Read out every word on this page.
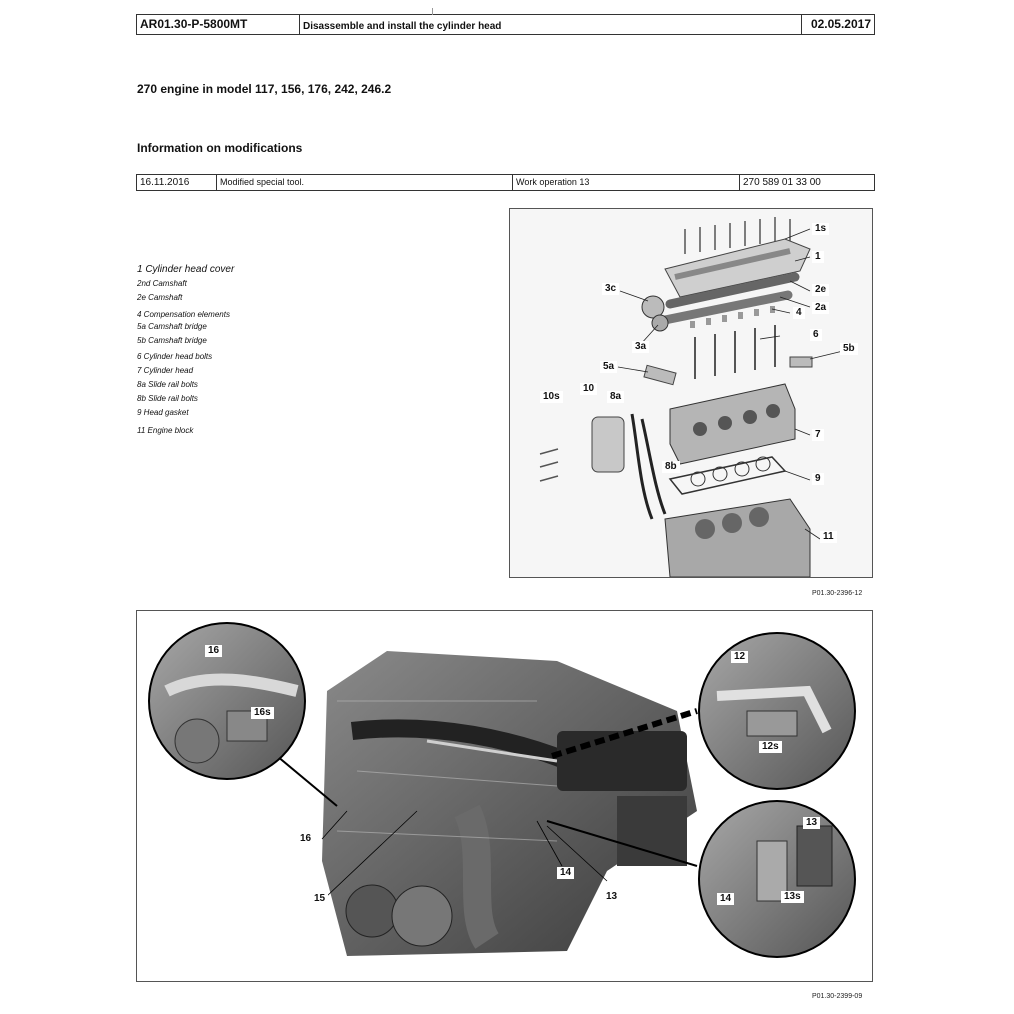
AR01.30-P-5800MT	Disassemble and install the cylinder head	02.05.2017
270 engine in model 117, 156, 176, 242, 246.2
Information on modifications
16.11.2016	Modified special tool.	Work operation 13	270 589 01 33 00
1 Cylinder head cover
2nd Camshaft
2e Camshaft
4 Compensation elements
5a Camshaft bridge
5b Camshaft bridge
6 Cylinder head bolts
7 Cylinder head
8a Slide rail bolts
8b Slide rail bolts
9 Head gasket
11 Engine block
1s
1
3c	2e
2a
4
6
3a
5a
5b
10
10s	8a
7
8b
9
11
P01.30-2396-12
16
16s
12
12s
16
15
14
13
13
14	13s
P01.30-2399-09
